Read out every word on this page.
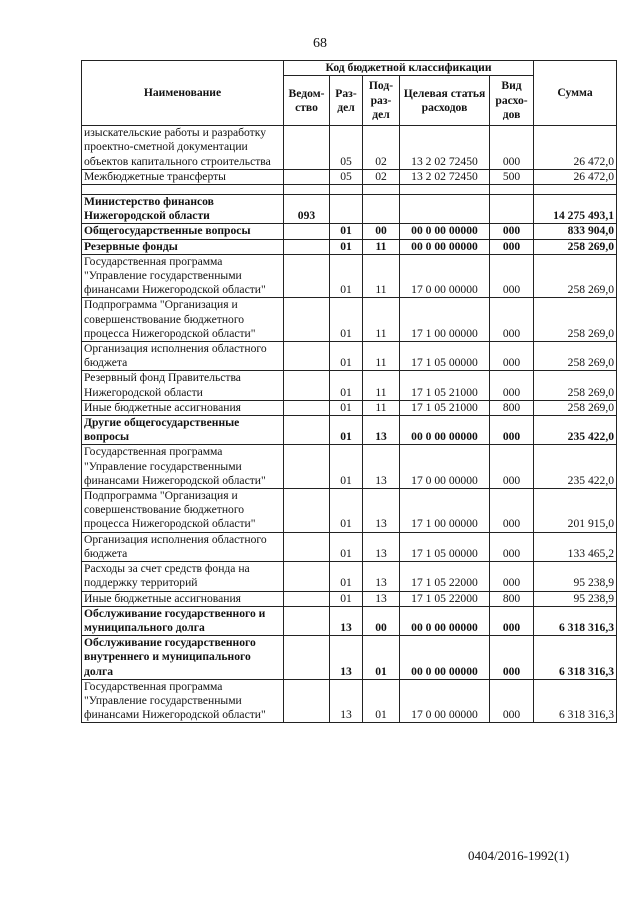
68
Наименование	Код бюджетной классификации					Сумма
	Ведом-ство	Раз-дел	Под-раз-дел	Целевая статья расходов	Вид расхо-дов	
изыскательские работы и разработку проектно-сметной документации объектов капитального строительства		05	02	13 2 02 72450	000	26 472,0
Межбюджетные трансферты		05	02	13 2 02 72450	500	26 472,0

Министерство финансов Нижегородской области	093					14 275 493,1
Общегосударственные вопросы		01	00	00 0 00 00000	000	833 904,0
Резервные фонды		01	11	00 0 00 00000	000	258 269,0
Государственная программа "Управление государственными финансами Нижегородской области"		01	11	17 0 00 00000	000	258 269,0
Подпрограмма "Организация и совершенствование бюджетного процесса Нижегородской области"		01	11	17 1 00 00000	000	258 269,0
Организация исполнения областного бюджета		01	11	17 1 05 00000	000	258 269,0
Резервный фонд Правительства Нижегородской области		01	11	17 1 05 21000	000	258 269,0
Иные бюджетные ассигнования		01	11	17 1 05 21000	800	258 269,0
Другие общегосударственные вопросы		01	13	00 0 00 00000	000	235 422,0
Государственная программа "Управление государственными финансами Нижегородской области"		01	13	17 0 00 00000	000	235 422,0
Подпрограмма "Организация и совершенствование бюджетного процесса Нижегородской области"		01	13	17 1 00 00000	000	201 915,0
Организация исполнения областного бюджета		01	13	17 1 05 00000	000	133 465,2
Расходы за счет средств фонда на поддержку территорий		01	13	17 1 05 22000	000	95 238,9
Иные бюджетные ассигнования		01	13	17 1 05 22000	800	95 238,9
Обслуживание государственного и муниципального долга		13	00	00 0 00 00000	000	6 318 316,3
Обслуживание государственного внутреннего и муниципального долга		13	01	00 0 00 00000	000	6 318 316,3
Государственная программа "Управление государственными финансами Нижегородской области"		13	01	17 0 00 00000	000	6 318 316,3
0404/2016-1992(1)
